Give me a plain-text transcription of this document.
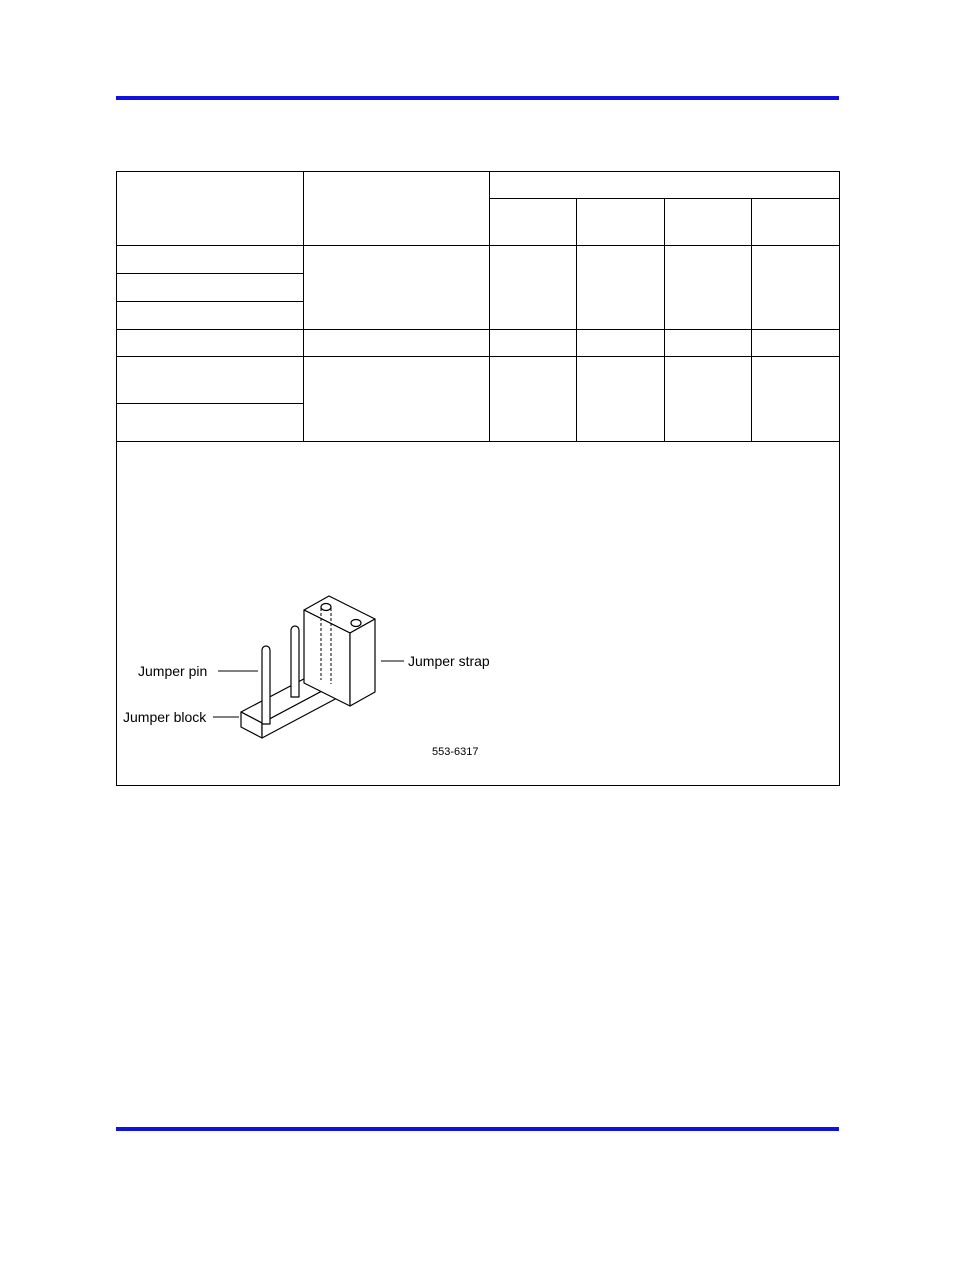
Jumper pin
Jumper block
Jumper strap
553-6317					
